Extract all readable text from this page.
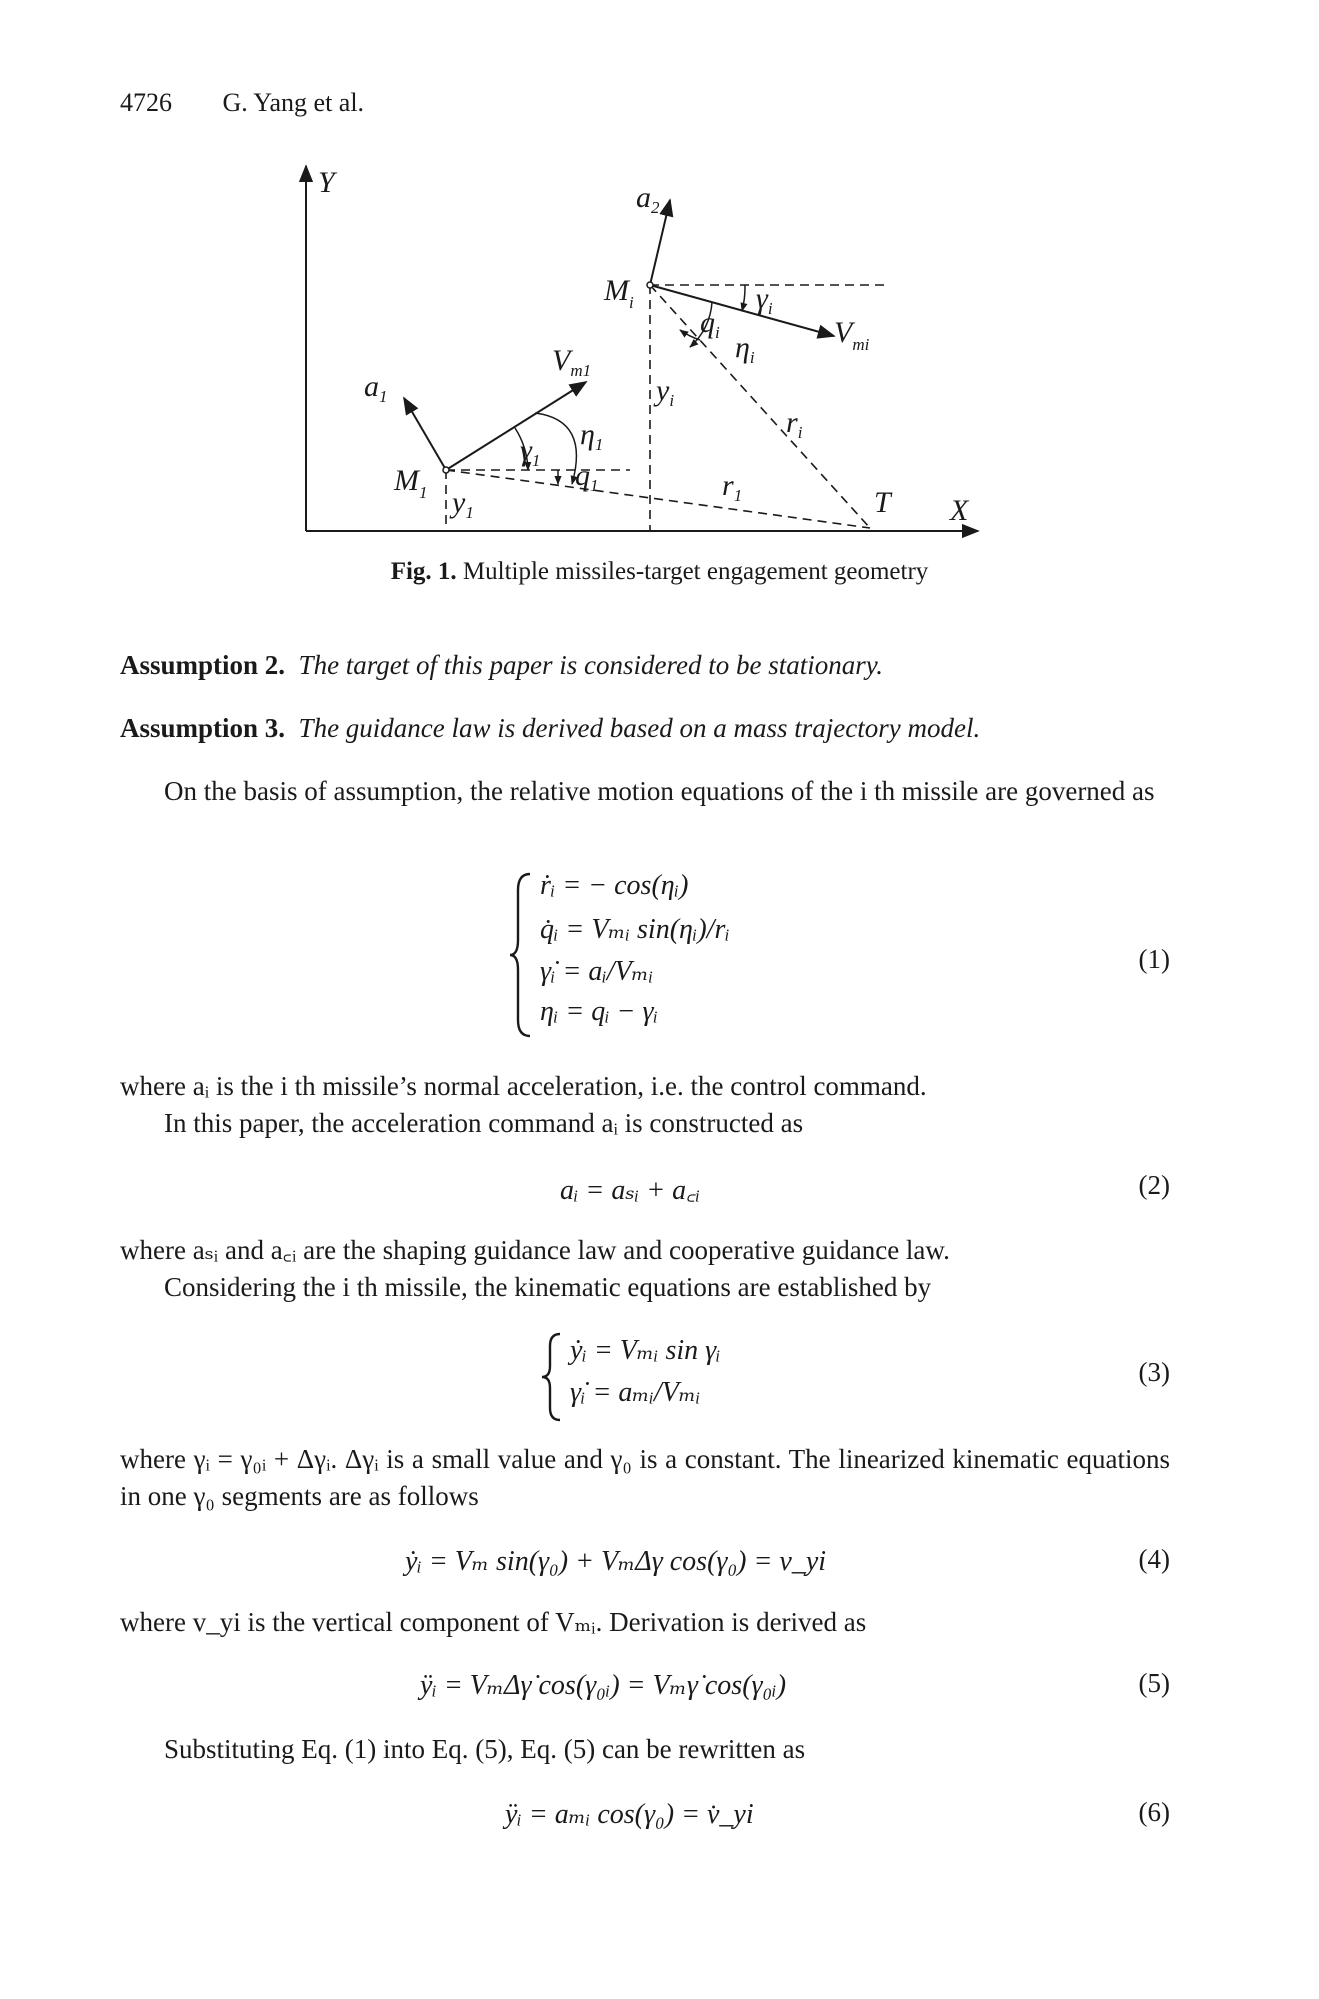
4726 G. Yang et al.
Y
X
T
$a_2$
$M_i$	$\gamma_i$
$q_i$ $\eta_i$
$V_{mi}$
$y_i$
$r_i$
$V_{m1}$
$a_1$
$\eta_1$
$\gamma_1$ $q_1$
$M_1$ $y_1$
$r_1$
Fig. 1. Multiple missiles-target engagement geometry
Assumption 2. The target of this paper is considered to be stationary.
Assumption 3. The guidance law is derived based on a mass trajectory model.
On the basis of assumption, the relative motion equations of the i th missile are governed as
ṙᵢ = − cos(ηᵢ)
q̇ᵢ = Vₘᵢ sin(ηᵢ)/rᵢ
γ̇ᵢ = aᵢ/Vₘᵢ
ηᵢ = qᵢ − γᵢ
(1)
where aᵢ is the i th missile’s normal acceleration, i.e. the control command.
In this paper, the acceleration command aᵢ is constructed as
aᵢ = aₛᵢ + a꜀ᵢ	(2)
where aₛᵢ and a꜀ᵢ are the shaping guidance law and cooperative guidance law.
Considering the i th missile, the kinematic equations are established by
ẏᵢ = Vₘᵢ sin γᵢ
γ̇ᵢ = aₘᵢ/Vₘᵢ
(3)
where γᵢ = γ₀ᵢ + Δγᵢ. Δγᵢ is a small value and γ₀ is a constant. The linearized kinematic equations in one γ₀ segments are as follows
ẏᵢ = Vₘ sin(γ₀) + VₘΔγ cos(γ₀) = v_yi	(4)
where v_yi is the vertical component of Vₘᵢ. Derivation is derived as
ÿᵢ = VₘΔγ̇ cos(γ₀ᵢ) = Vₘγ̇ cos(γ₀ᵢ)	(5)
Substituting Eq. (1) into Eq. (5), Eq. (5) can be rewritten as
ÿᵢ = aₘᵢ cos(γ₀) = v̇_yi	(6)
